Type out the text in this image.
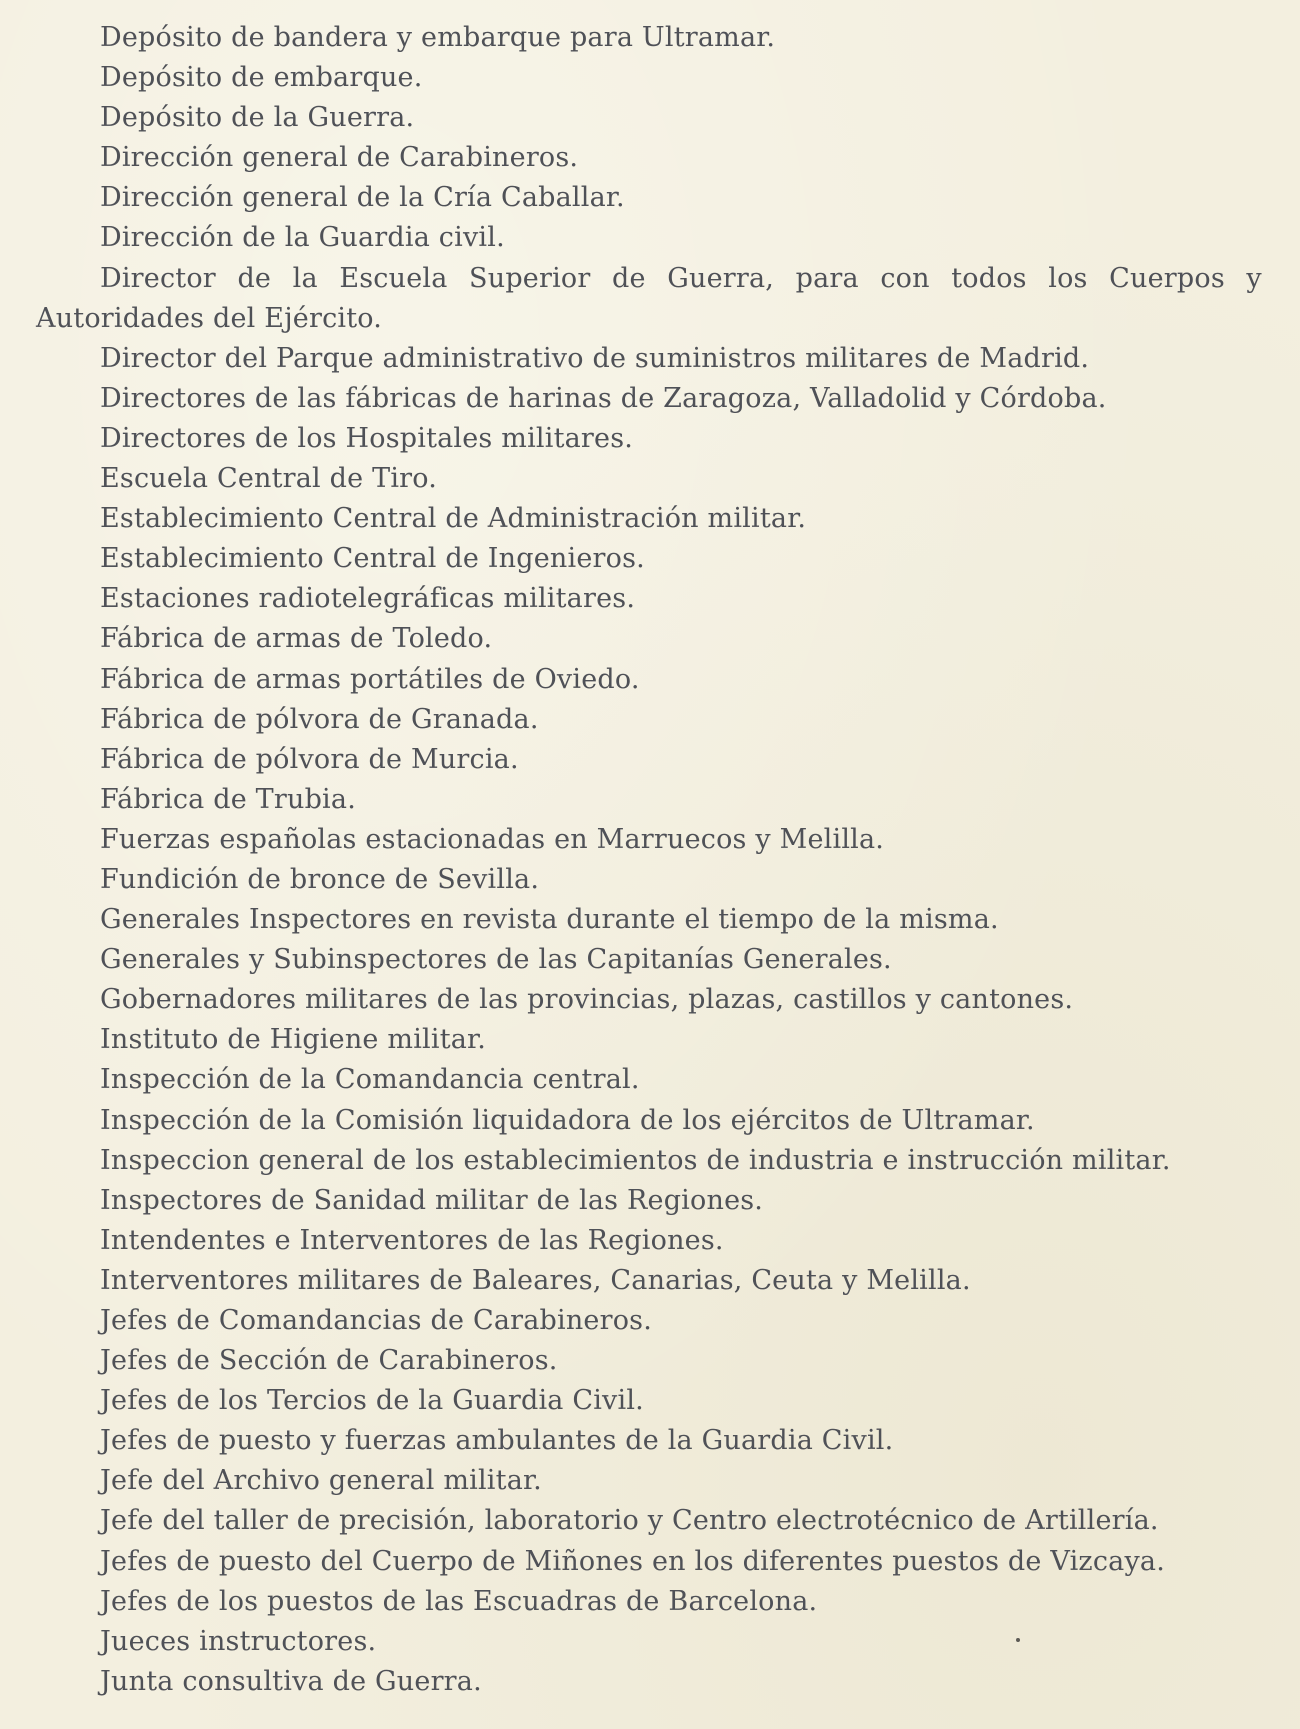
Depósito de bandera y embarque para Ultramar.
Depósito de embarque.
Depósito de la Guerra.
Dirección general de Carabineros.
Dirección general de la Cría Caballar.
Dirección de la Guardia civil.
Director de la Escuela Superior de Guerra, para con todos los Cuerpos y
Autoridades del Ejército.
Director del Parque administrativo de suministros militares de Madrid.
Directores de las fábricas de harinas de Zaragoza, Valladolid y Córdoba.
Directores de los Hospitales militares.
Escuela Central de Tiro.
Establecimiento Central de Administración militar.
Establecimiento Central de Ingenieros.
Estaciones radiotelegráficas militares.
Fábrica de armas de Toledo.
Fábrica de armas portátiles de Oviedo.
Fábrica de pólvora de Granada.
Fábrica de pólvora de Murcia.
Fábrica de Trubia.
Fuerzas españolas estacionadas en Marruecos y Melilla.
Fundición de bronce de Sevilla.
Generales Inspectores en revista durante el tiempo de la misma.
Generales y Subinspectores de las Capitanías Generales.
Gobernadores militares de las provincias, plazas, castillos y cantones.
Instituto de Higiene militar.
Inspección de la Comandancia central.
Inspección de la Comisión liquidadora de los ejércitos de Ultramar.
Inspeccion general de los establecimientos de industria e instrucción militar.
Inspectores de Sanidad militar de las Regiones.
Intendentes e Interventores de las Regiones.
Interventores militares de Baleares, Canarias, Ceuta y Melilla.
Jefes de Comandancias de Carabineros.
Jefes de Sección de Carabineros.
Jefes de los Tercios de la Guardia Civil.
Jefes de puesto y fuerzas ambulantes de la Guardia Civil.
Jefe del Archivo general militar.
Jefe del taller de precisión, laboratorio y Centro electrotécnico de Artillería.
Jefes de puesto del Cuerpo de Miñones en los diferentes puestos de Vizcaya.
Jefes de los puestos de las Escuadras de Barcelona.
Jueces instructores.
Junta consultiva de Guerra.
